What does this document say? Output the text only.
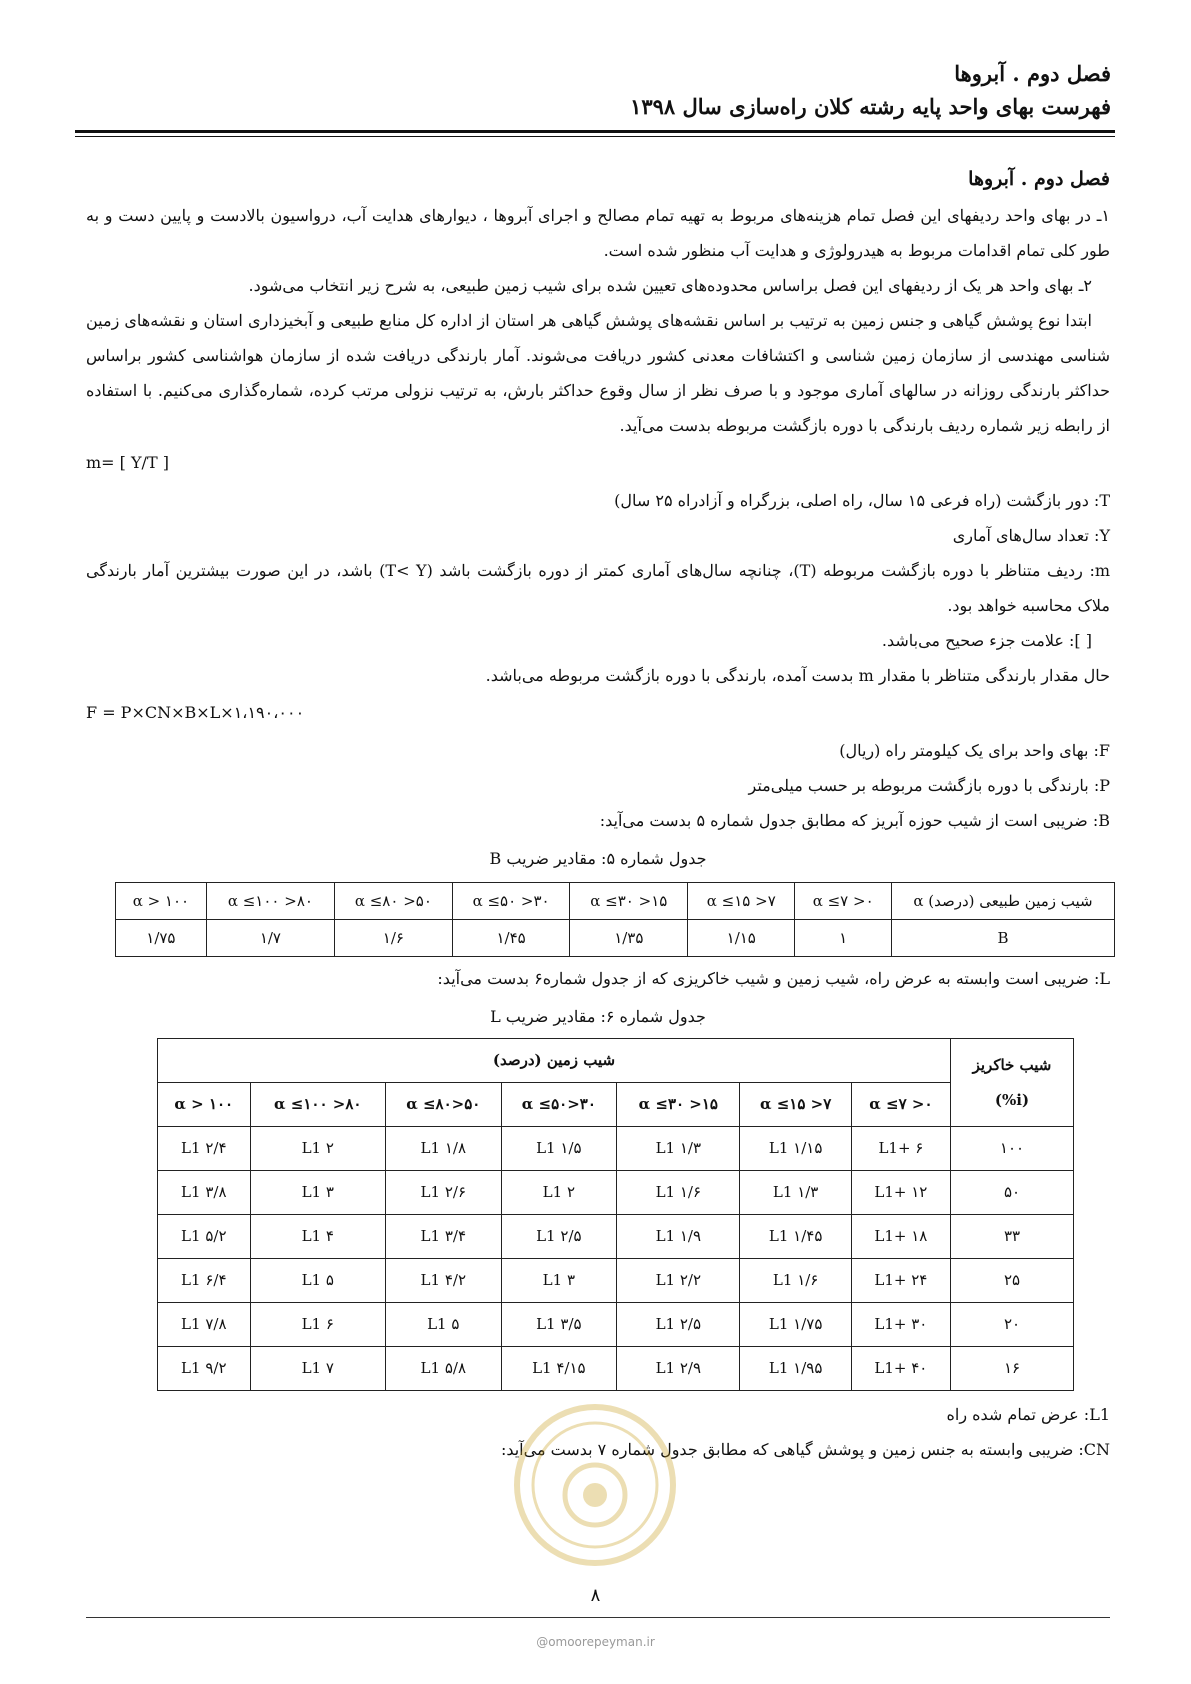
فصل دوم . آبروها
فهرست بهای واحد پایه رشته کلان راه‌سازی سال ۱۳۹۸
فصل دوم . آبروها

۱ـ در بهای واحد ردیفهای این فصل تمام هزینه‌های مربوط به تهیه تمام مصالح و اجرای آبروها ، دیوارهای هدایت آب، درواسیون بالادست و پایین دست و به طور کلی تمام اقدامات مربوط به هیدرولوژی و هدایت آب منظور شده است.

۲ـ بهای واحد هر یک از ردیفهای این فصل براساس محدوده‌های تعیین شده برای شیب زمین طبیعی، به شرح زیر انتخاب می‌شود.

ابتدا نوع پوشش گیاهی و جنس زمین به ترتیب بر اساس نقشه‌های پوشش گیاهی هر استان از اداره کل منابع طبیعی و آبخیزداری استان و نقشه‌های زمین شناسی مهندسی از سازمان زمین شناسی و اکتشافات معدنی کشور دریافت می‌شوند. آمار بارندگی دریافت شده از سازمان هواشناسی کشور براساس حداکثر بارندگی روزانه در سالهای آماری موجود و با صرف نظر از سال وقوع حداکثر بارش، به ترتیب نزولی مرتب کرده، شماره‌گذاری می‌کنیم. با استفاده از رابطه زیر شماره ردیف بارندگی با دوره بازگشت مربوطه بدست می‌آید.

m= [ Y/T ]

T: دور بازگشت (راه فرعی ۱۵ سال، راه اصلی، بزرگراه و آزادراه ۲۵ سال)

Y: تعداد سال‌های آماری

m: ردیف متناظر با دوره بازگشت مربوطه (T)، چنانچه سال‌های آماری کمتر از دوره بازگشت باشد (T< Y) باشد، در این صورت بیشترین آمار بارندگی ملاک محاسبه خواهد بود.

[ ]: علامت جزء صحیح می‌باشد.

حال مقدار بارندگی متناظر با مقدار m بدست آمده، بارندگی با دوره بازگشت مربوطه می‌باشد.

F = P×CN×B×L×۱،۱۹۰،۰۰۰

F: بهای واحد برای یک کیلومتر راه (ریال)

P: بارندگی با دوره بازگشت مربوطه بر حسب میلی‌متر

B: ضریبی است از شیب حوزه آبریز که مطابق جدول شماره ۵ بدست می‌آید:

جدول شماره ۵: مقادیر ضریب B
شیب زمین طبیعی (درصد) α	۰< α ≤۷	۷< α ≤۱۵	۱۵< α ≤۳۰	۳۰< α ≤۵۰	۵۰< α ≤۸۰	۸۰< α ≤۱۰۰	α > ۱۰۰
B	۱	۱/۱۵	۱/۳۵	۱/۴۵	۱/۶	۱/۷	۱/۷۵

L: ضریبی است وابسته به عرض راه، شیب زمین و شیب خاکریزی که از جدول شماره۶ بدست می‌آید:

جدول شماره ۶: مقادیر ضریب L
شیب خاکریز
(i%)	شیب زمین (درصد)						
	۰< α ≤۷	۷< α ≤۱۵	۱۵< α ≤۳۰	۳۰<α ≤۵۰	۵۰<α ≤۸۰	۸۰< α ≤۱۰۰	α > ۱۰۰
۱۰۰	L1+ ۶	۱/۱۵ L1	۱/۳ L1	۱/۵ L1	۱/۸ L1	۲ L1	۲/۴ L1
۵۰	L1+ ۱۲	۱/۳ L1	۱/۶ L1	۲ L1	۲/۶ L1	۳ L1	۳/۸ L1
۳۳	L1+ ۱۸	۱/۴۵ L1	۱/۹ L1	۲/۵ L1	۳/۴ L1	۴ L1	۵/۲ L1
۲۵	L1+ ۲۴	۱/۶ L1	۲/۲ L1	۳ L1	۴/۲ L1	۵ L1	۶/۴ L1
۲۰	L1+ ۳۰	۱/۷۵ L1	۲/۵ L1	۳/۵ L1	۵ L1	۶ L1	۷/۸ L1
۱۶	L1+ ۴۰	۱/۹۵ L1	۲/۹ L1	۴/۱۵ L1	۵/۸ L1	۷ L1	۹/۲ L1

L1: عرض تمام شده راه

CN: ضریبی وابسته به جنس زمین و پوشش گیاهی که مطابق جدول شماره ۷ بدست می‌آید:

۸
@omoorepeyman.ir
